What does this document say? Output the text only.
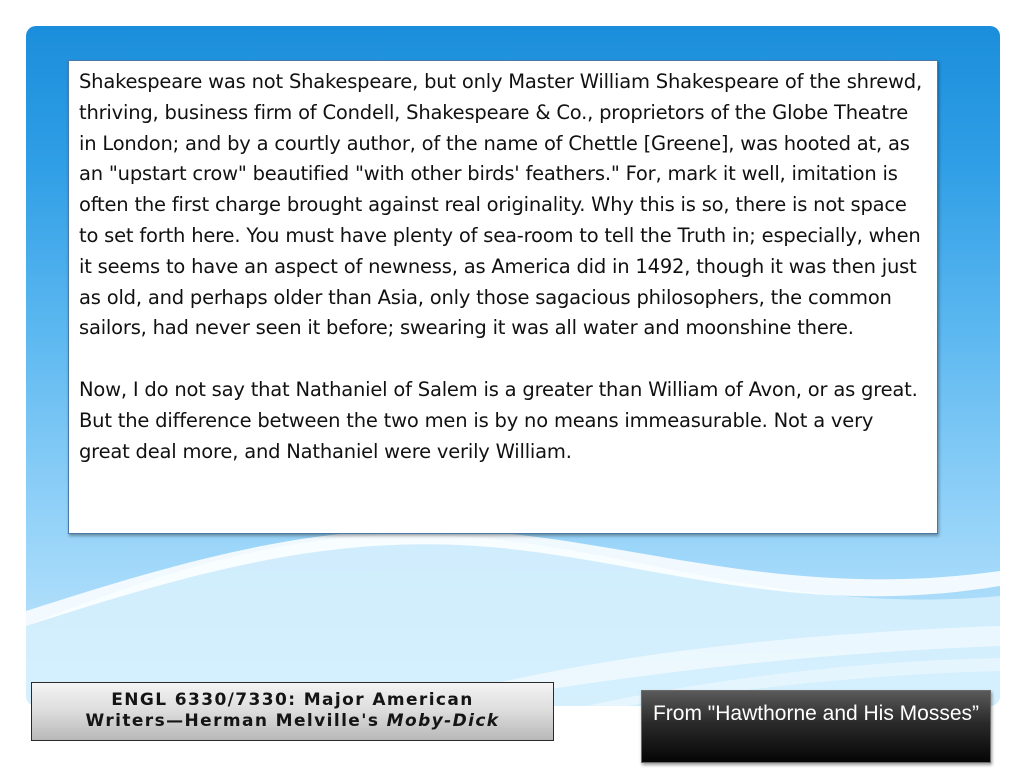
Shakespeare was not Shakespeare, but only Master William Shakespeare of the shrewd, thriving, business firm of Condell, Shakespeare & Co., proprietors of the Globe Theatre in London; and by a courtly author, of the name of Chettle [Greene], was hooted at, as an "upstart crow" beautified "with other birds' feathers." For, mark it well, imitation is often the first charge brought against real originality. Why this is so, there is not space to set forth here. You must have plenty of sea-room to tell the Truth in; especially, when it seems to have an aspect of newness, as America did in 1492, though it was then just as old, and perhaps older than Asia, only those sagacious philosophers, the common sailors, had never seen it before; swearing it was all water and moonshine there.

Now, I do not say that Nathaniel of Salem is a greater than William of Avon, or as great. But the difference between the two men is by no means immeasurable. Not a very great deal more, and Nathaniel were verily William.

ENGL 6330/7330: Major American
Writers—Herman Melville's Moby-Dick	From "Hawthorne and His Mosses”
